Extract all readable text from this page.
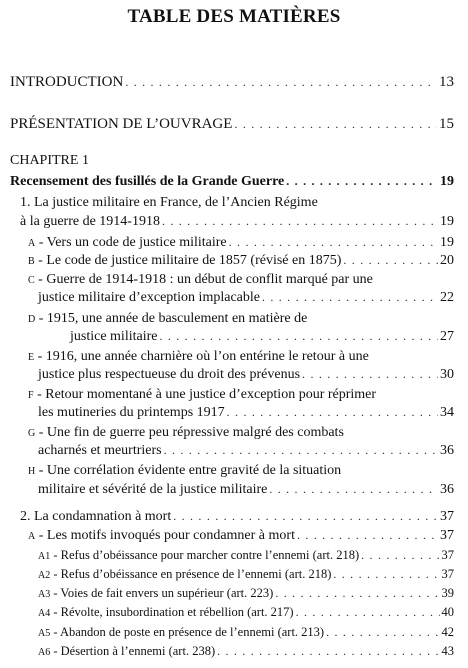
TABLE DES MATIÈRES
INTRODUCTION . . .	13
PRÉSENTATION DE L’OUVRAGE . . .	15
CHAPITRE 1
Recensement des fusillés de la Grande Guerre . . .	19
1. La justice militaire en France, de l’Ancien Régime
à la guerre de 1914-1918 . . .	19
A - Vers un code de justice militaire . . .	19
B - Le code de justice militaire de 1857 (révisé en 1875) . . .	20
C - Guerre de 1914-1918 : un début de conflit marqué par une
justice militaire d’exception implacable . . .	22
D - 1915, une année de basculement en matière de
justice militaire . . .	27
E - 1916, une année charnière où l’on entérine le retour à une
justice plus respectueuse du droit des prévenus . . .	30
F - Retour momentané à une justice d’exception pour réprimer
les mutineries du printemps 1917 . . .	34
G - Une fin de guerre peu répressive malgré des combats
acharnés et meurtriers . . .	36
H - Une corrélation évidente entre gravité de la situation
militaire et sévérité de la justice militaire . . .	36
2. La condamnation à mort . . .	37
A - Les motifs invoqués pour condamner à mort . . .	37
A1 - Refus d’obéissance pour marcher contre l’ennemi (art. 218) . . .	37
A2 - Refus d’obéissance en présence de l’ennemi (art. 218) . . .	37
A3 - Voies de fait envers un supérieur (art. 223) . . .	39
A4 - Révolte, insubordination et rébellion (art. 217) . . .	40
A5 - Abandon de poste en présence de l’ennemi (art. 213) . . .	42
A6 - Désertion à l’ennemi (art. 238) . . .	43
